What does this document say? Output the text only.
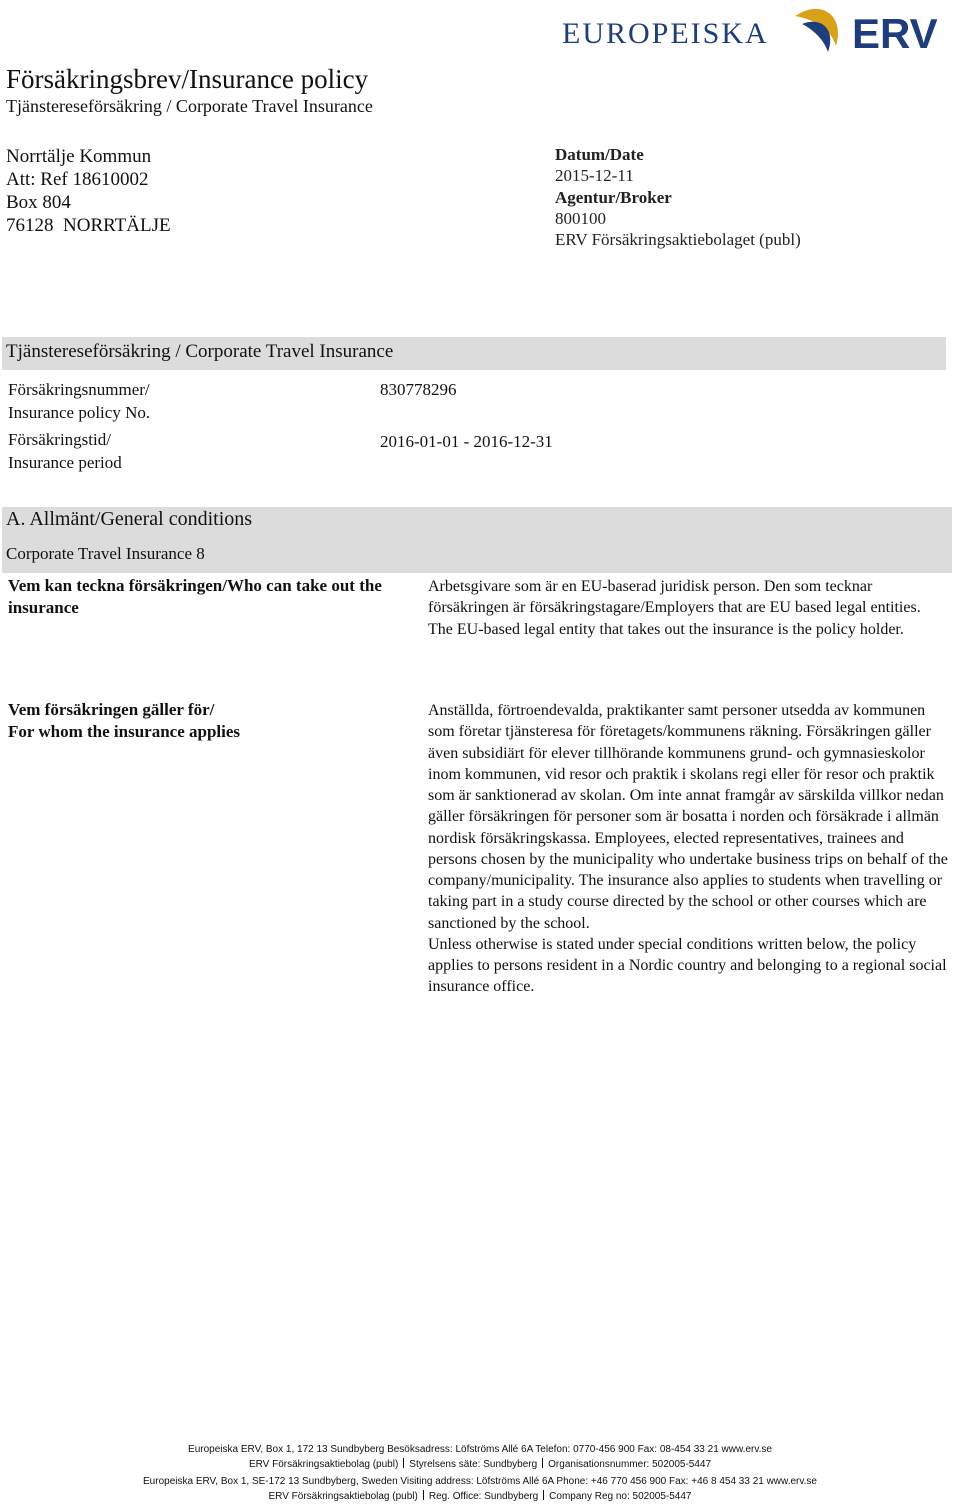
EUROPEISKA ERV
Försäkringsbrev/Insurance policy
Tjänstereseförsäkring / Corporate Travel Insurance
Norrtälje Kommun
Att: Ref 18610002
Box 804
76128  NORRTÄLJE
Datum/Date
2015-12-11
Agentur/Broker
800100
ERV Försäkringsaktiebolaget (publ)
Tjänstereseförsäkring / Corporate Travel Insurance
Försäkringsnummer/
Insurance policy No.
830778296
Försäkringstid/
Insurance period
2016-01-01 - 2016-12-31
A. Allmänt/General conditions
Corporate Travel Insurance 8
Vem kan teckna försäkringen/Who can take out the insurance
Arbetsgivare som är en EU-baserad juridisk person. Den som tecknar försäkringen är försäkringstagare/Employers that are EU based legal entities. The EU-based legal entity that takes out the insurance is the policy holder.
Vem försäkringen gäller för/
For whom the insurance applies

Anställda, förtroendevalda, praktikanter samt personer utsedda av kommunen som företar tjänsteresa för företagets/kommunens räkning. Försäkringen gäller även subsidiärt för elever tillhörande kommunens grund- och gymnasieskolor inom kommunen, vid resor och praktik i skolans regi eller för resor och praktik som är sanktionerad av skolan. Om inte annat framgår av särskilda villkor nedan gäller försäkringen för personer som är bosatta i norden och försäkrade i allmän nordisk försäkringskassa. Employees, elected representatives, trainees and persons chosen by the municipality who undertake business trips on behalf of the company/municipality. The insurance also applies to students when travelling or taking part in a study course directed by the school or other courses which are sanctioned by the school.

Unless otherwise is stated under special conditions written below, the policy applies to persons resident in a Nordic country and belonging to a regional social insurance office.

Europeiska ERV, Box 1, 172 13 Sundbyberg Besöksadress: Löfströms Allé 6A Telefon: 0770-456 900 Fax: 08-454 33 21 www.erv.se
ERV Försäkringsaktiebolag (publ) Styrelsens säte: Sundbyberg Organisationsnummer: 502005-5447
Europeiska ERV, Box 1, SE-172 13 Sundbyberg, Sweden Visiting address: Löfströms Allé 6A Phone: +46 770 456 900 Fax: +46 8 454 33 21 www.erv.se
ERV Försäkringsaktiebolag (publ) Reg. Office: Sundbyberg Company Reg no: 502005-5447
